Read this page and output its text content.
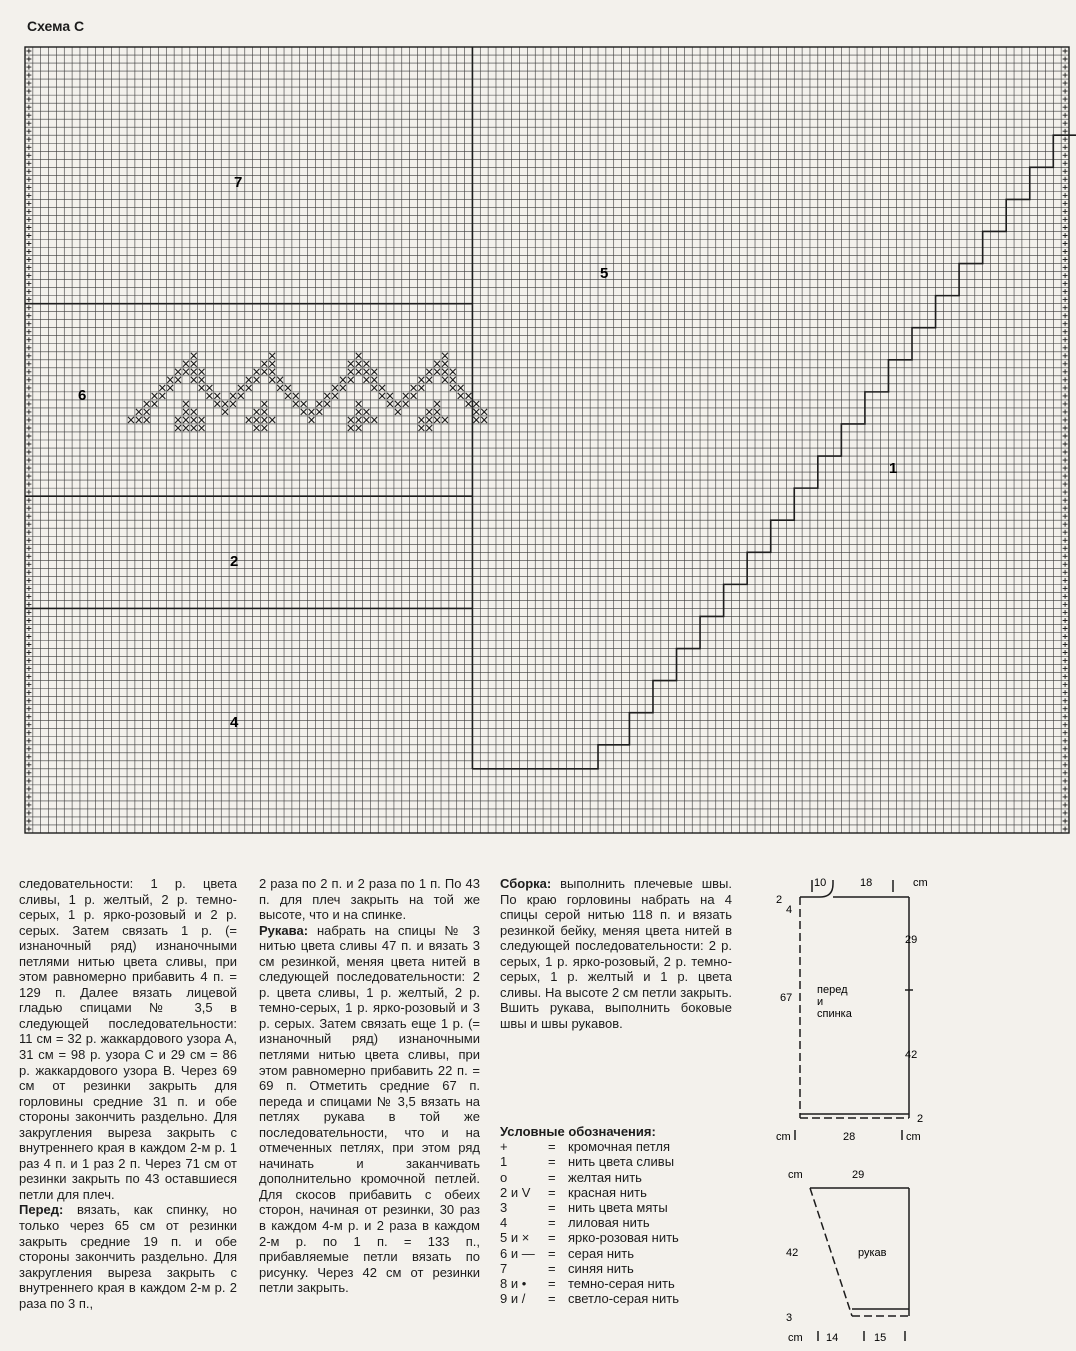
Схема С
7
6
2
4
5
1

следовательности: 1 р. цвета сливы, 1 р. желтый, 2 р. темно-серых, 1 р. ярко-розовый и 2 р. серых. Затем связать 1 р. (= изнаночный ряд) изнаночными петлями нитью цвета сливы, при этом равномерно прибавить 4 п. = 129 п. Далее вязать лицевой гладью спицами № 3,5 в следующей последовательности: 11 см = 32 р. жаккардового узора А, 31 см = 98 р. узора С и 29 см = 86 р. жаккардового узора В. Через 69 см от резинки закрыть для горловины средние 31 п. и обе стороны закончить раздельно. Для закругления выреза закрыть с внутреннего края в каждом 2-м р. 1 раз 4 п. и 1 раз 2 п. Через 71 см от резинки закрыть по 43 оставшиеся петли для плеч.

Перед: вязать, как спинку, но только через 65 см от резинки закрыть средние 19 п. и обе стороны закончить раздельно. Для закругления выреза закрыть с внутреннего края в каждом 2-м р. 2 раза по 3 п.,

2 раза по 2 п. и 2 раза по 1 п. По 43 п. для плеч закрыть на той же высоте, что и на спинке.

Рукава: набрать на спицы № 3 нитью цвета сливы 47 п. и вязать 3 см резинкой, меняя цвета нитей в следующей последовательности: 2 р. цвета сливы, 1 р. желтый, 2 р. темно-серых, 1 р. ярко-розовый и 3 р. серых. Затем связать еще 1 р. (= изнаночный ряд) изнаночными петлями нитью цвета сливы, при этом равномерно прибавить 22 п. = 69 п. Отметить средние 67 п. переда и спицами № 3,5 вязать на петлях рукава в той же последовательности, что и на отмеченных петлях, при этом ряд начинать и заканчивать дополнительно кромочной петлей. Для скосов прибавить с обеих сторон, начиная от резинки, 30 раз в каждом 4-м р. и 2 раза в каждом 2-м р. по 1 п. = 133 п., прибавляемые петли вязать по рисунку. Через 42 см от резинки петли закрыть.

Сборка: выполнить плечевые швы. По краю горловины набрать на 4 спицы серой нитью 118 п. и вязать резинкой бейку, меняя цвета нитей в следующей последовательности: 2 р. серых, 1 р. ярко-розовый, 2 р. темно-серых, 1 р. желтый и 1 р. цвета сливы. На высоте 2 см петли закрыть. Вшить рукава, выполнить боковые швы и швы рукавов.

Условные обозначения:
+	= кромочная петля
1	= нить цвета сливы
o	= желтая нить
2 и V	= красная нить
3	= нить цвета мяты
4	= лиловая нить
5 и ×	= ярко-розовая нить
6 и —	= серая нить
7	= синяя нить
8 и •	= темно-серая нить
9 и /	= светло-серая нить
10	18	cm
2
4
29
42
2
67
cm	28	cm
перед
и
спинка
cm	29
42
3
cm 14	15
рукав
